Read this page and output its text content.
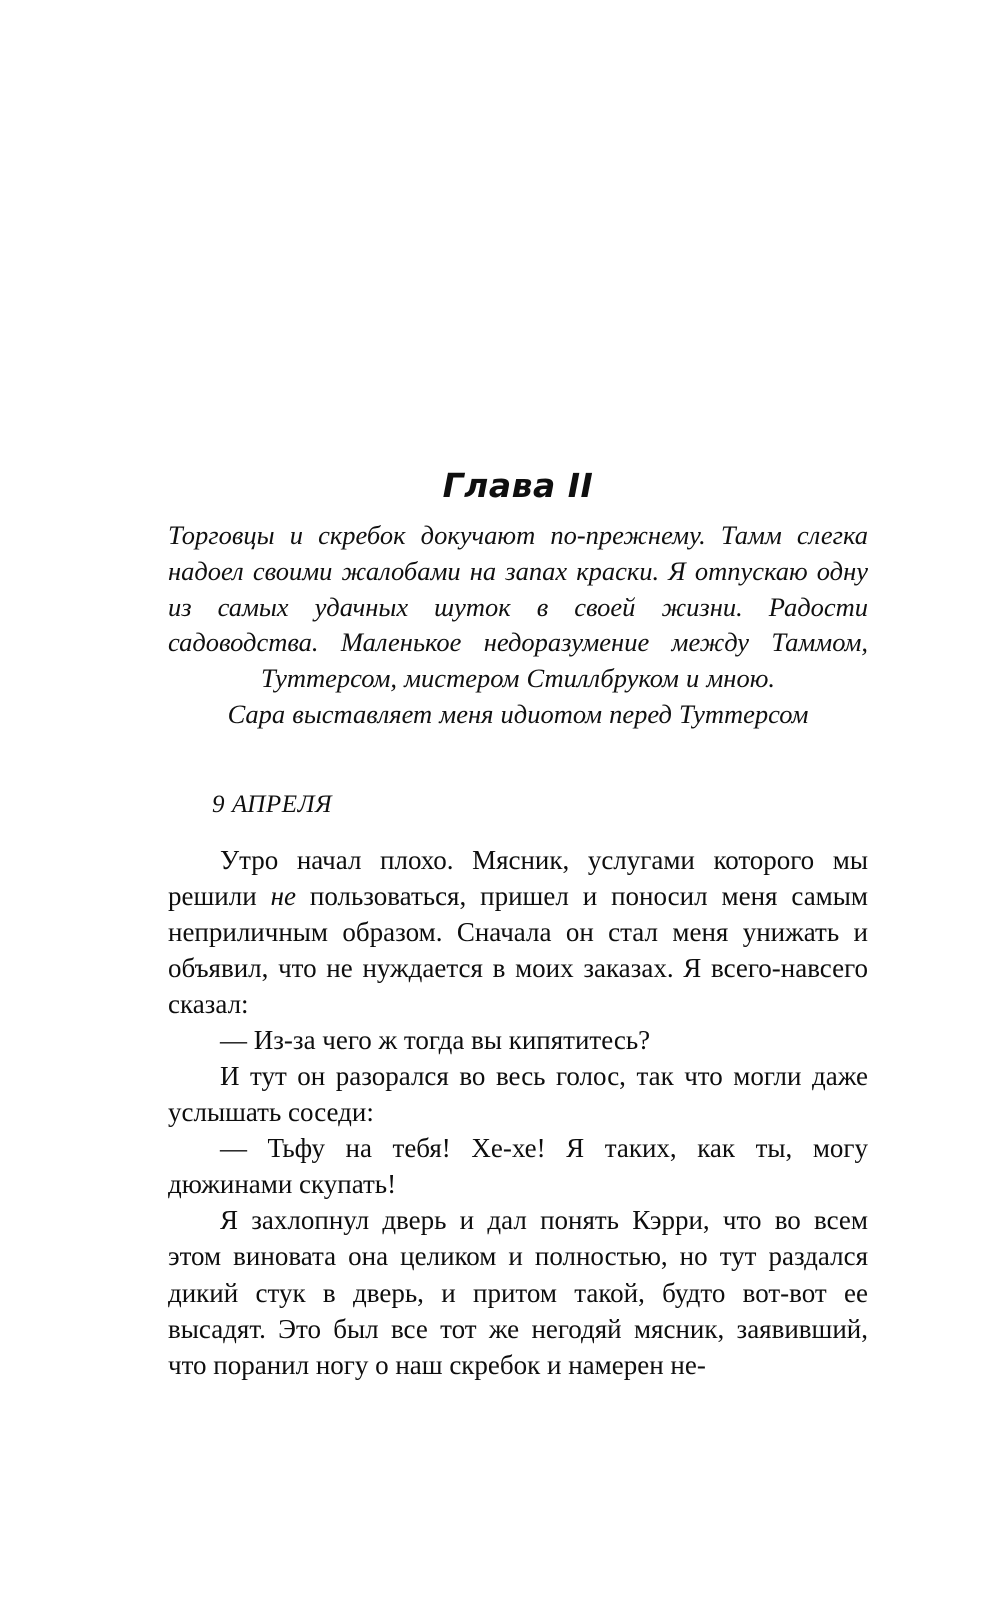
Глава II
Торговцы и скребок докучают по-прежнему. Тамм слегка надоел своими жалобами на запах краски. Я отпускаю одну из самых удачных шуток в своей жизни. Радости садоводства. Маленькое недоразумение между Таммом, Туттерсом, мистером Стиллбруком и мною.
Сара выставляет меня идиотом перед Туттерсом
9 АПРЕЛЯ

Утро начал плохо. Мясник, услугами которого мы решили не пользоваться, пришел и поносил меня самым неприличным образом. Сначала он стал меня унижать и объявил, что не нуждается в моих заказах. Я всего-навсего сказал:

— Из-за чего ж тогда вы кипятитесь?

И тут он разорался во весь голос, так что могли даже услышать соседи:

— Тьфу на тебя! Хе-хе! Я таких, как ты, могу дюжинами скупать!

Я захлопнул дверь и дал понять Кэрри, что во всем этом виновата она целиком и полностью, но тут раздался дикий стук в дверь, и притом такой, будто вот-вот ее высадят. Это был все тот же негодяй мясник, заявивший, что поранил ногу о наш скребок и намерен не-
